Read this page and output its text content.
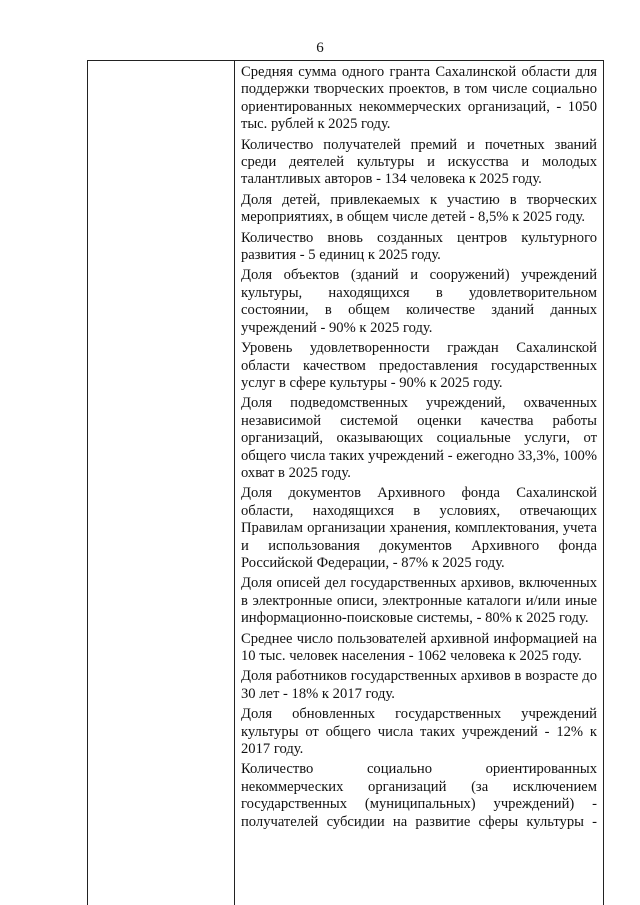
6

Средняя сумма одного гранта Сахалинской области для поддержки творческих проектов, в том числе социально ориентированных некоммерческих организаций, - 1050 тыс. рублей к 2025 году.

Количество получателей премий и почетных званий среди деятелей культуры и искусства и молодых талантливых авторов - 134 человека к 2025 году.

Доля детей, привлекаемых к участию в творческих мероприятиях, в общем числе детей - 8,5% к 2025 году.

Количество вновь созданных центров культурного развития - 5 единиц к 2025 году.

Доля объектов (зданий и сооружений) учреждений культуры, находящихся в удовлетворительном состоянии, в общем количестве зданий данных учреждений - 90% к 2025 году.

Уровень удовлетворенности граждан Сахалинской области качеством предоставления государственных услуг в сфере культуры - 90% к 2025 году.

Доля подведомственных учреждений, охваченных независимой системой оценки качества работы организаций, оказывающих социальные услуги, от общего числа таких учреждений - ежегодно 33,3%, 100% охват в 2025 году.

Доля документов Архивного фонда Сахалинской области, находящихся в условиях, отвечающих Правилам организации хранения, комплектования, учета и использования документов Архивного фонда Российской Федерации, - 87% к 2025 году.

Доля описей дел государственных архивов, включенных в электронные описи, электронные каталоги и/или иные информационно-поисковые системы, - 80% к 2025 году.

Среднее число пользователей архивной информацией на 10 тыс. человек населения - 1062 человека к 2025 году.

Доля работников государственных архивов в возрасте до 30 лет - 18% к 2017 году.

Доля обновленных государственных учреждений культуры от общего числа таких учреждений - 12% к 2017 году.

Количество социально ориентированных некоммерческих организаций (за исключением государственных (муниципальных) учреждений) - получателей субсидии на развитие сферы культуры -
